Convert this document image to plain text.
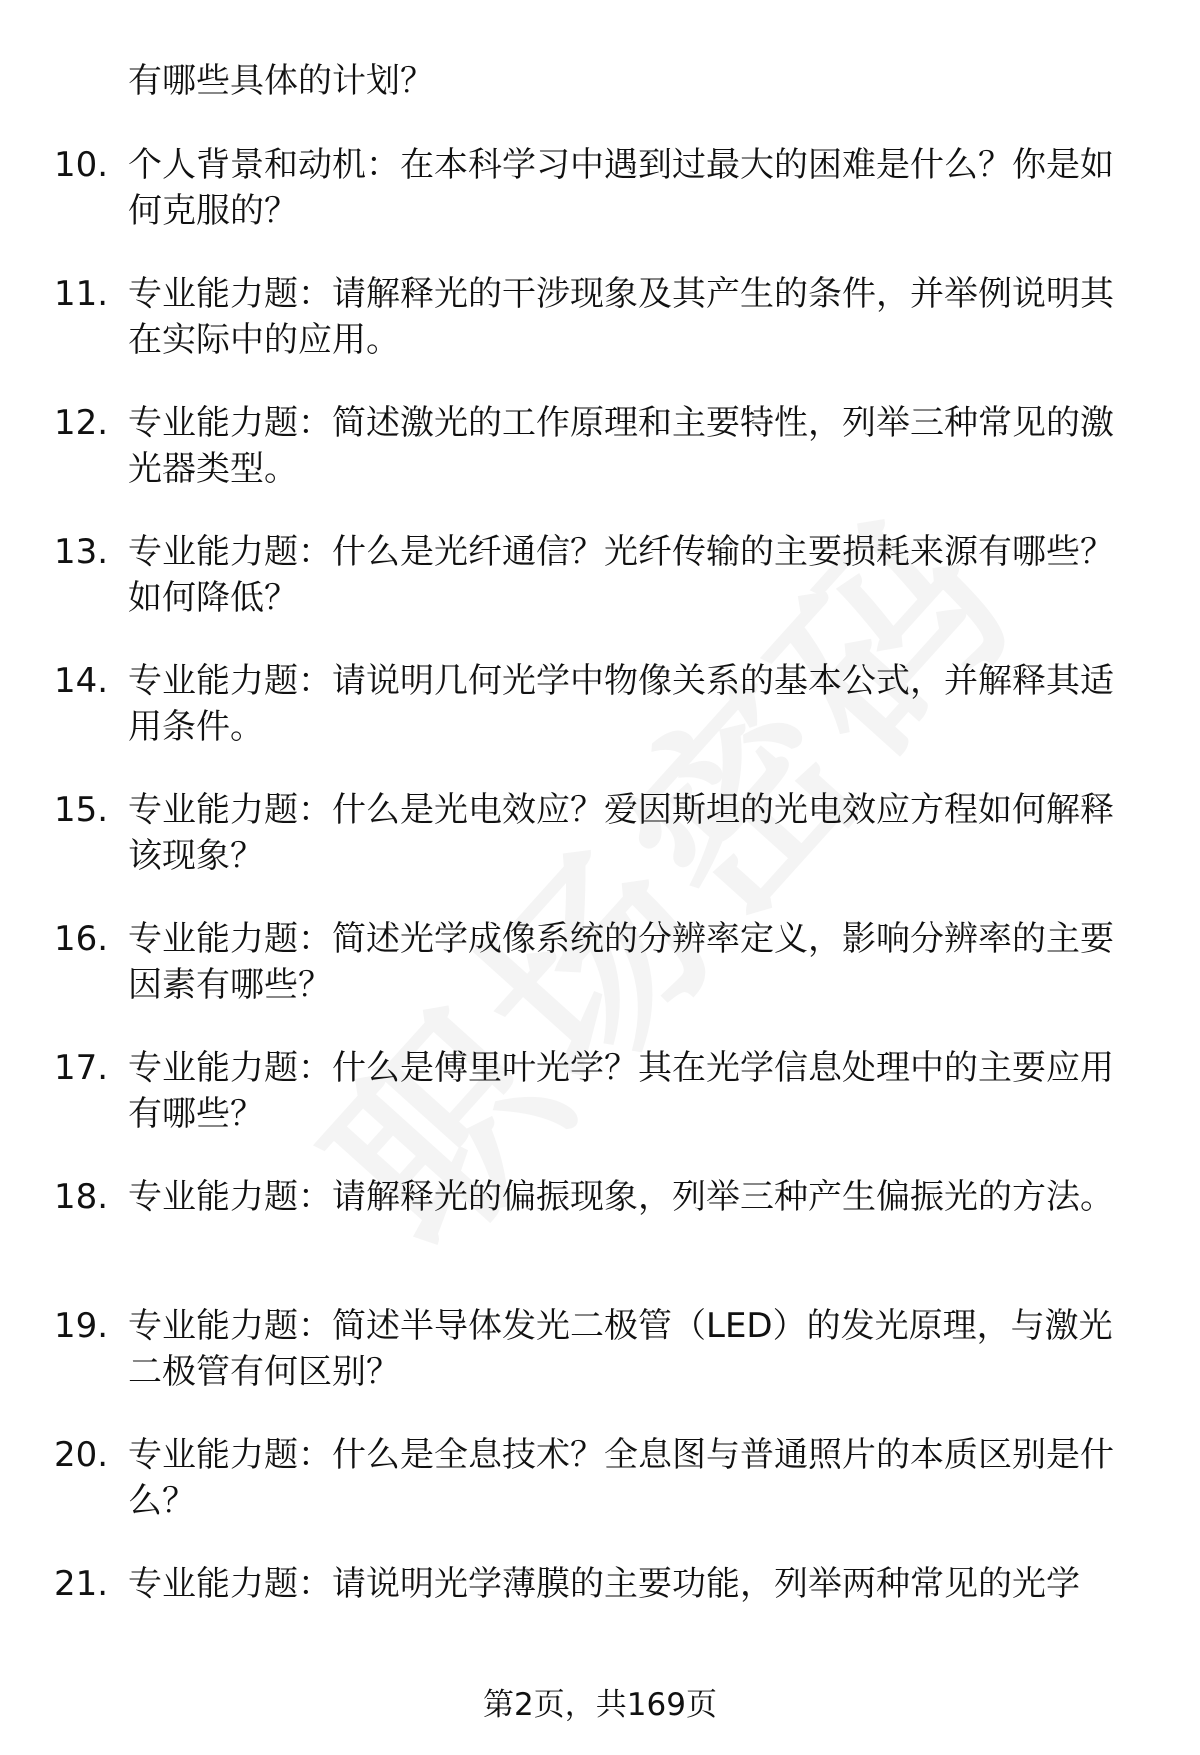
有哪些具体的计划？
10. 个人背景和动机：在本科学习中遇到过最大的困难是什么？你是如何克服的？
11. 专业能力题：请解释光的干涉现象及其产生的条件，并举例说明其在实际中的应用。
12. 专业能力题：简述激光的工作原理和主要特性，列举三种常见的激光器类型。
13. 专业能力题：什么是光纤通信？光纤传输的主要损耗来源有哪些？如何降低？
14. 专业能力题：请说明几何光学中物像关系的基本公式，并解释其适用条件。
15. 专业能力题：什么是光电效应？爱因斯坦的光电效应方程如何解释该现象？
16. 专业能力题：简述光学成像系统的分辨率定义，影响分辨率的主要因素有哪些？
17. 专业能力题：什么是傅里叶光学？其在光学信息处理中的主要应用有哪些？
18. 专业能力题：请解释光的偏振现象，列举三种产生偏振光的方法。
19. 专业能力题：简述半导体发光二极管（LED）的发光原理，与激光二极管有何区别？
20. 专业能力题：什么是全息技术？全息图与普通照片的本质区别是什么？
21. 专业能力题：请说明光学薄膜的主要功能，列举两种常见的光学
第2页，共169页
